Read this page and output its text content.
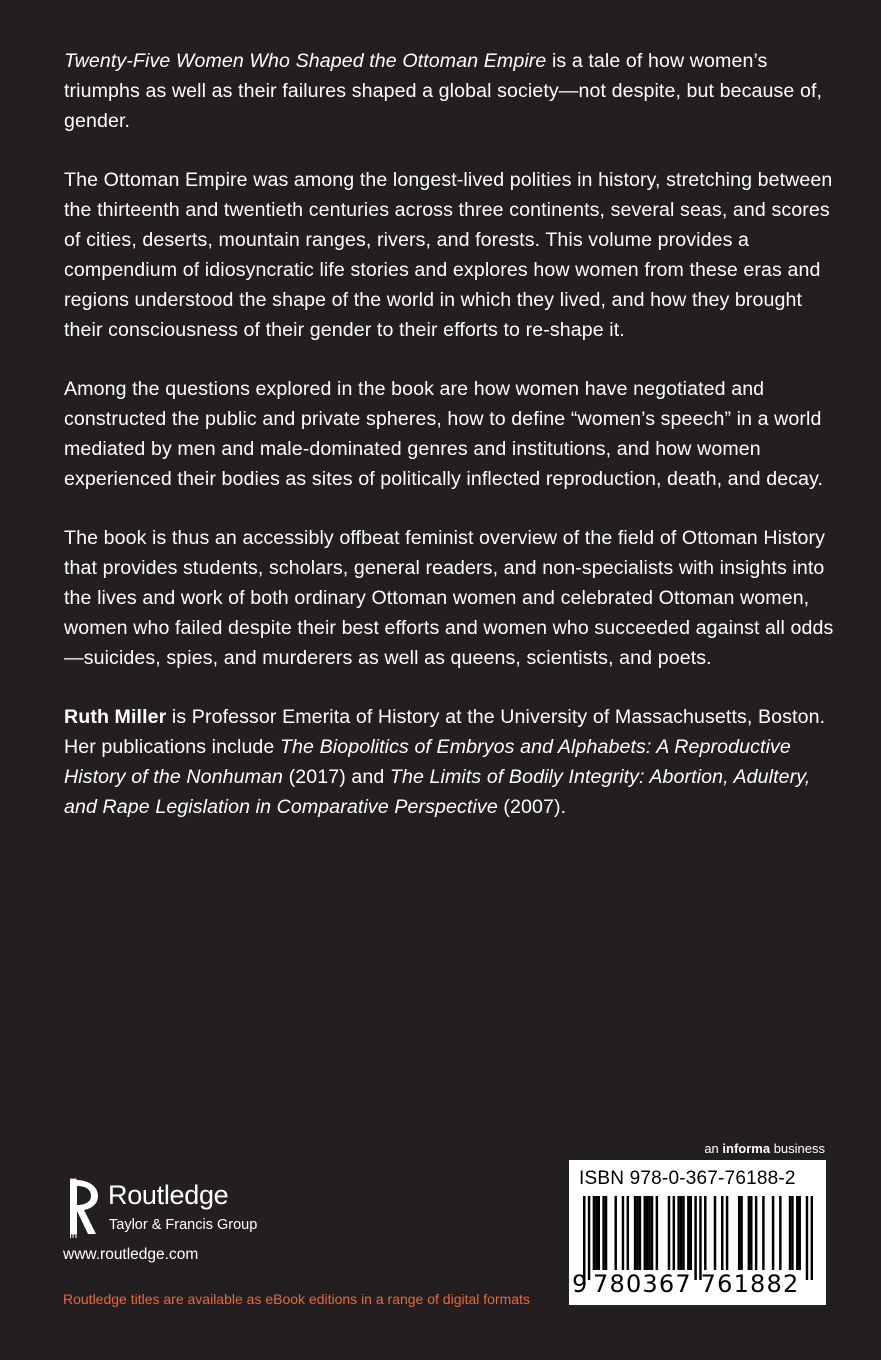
Twenty-Five Women Who Shaped the Ottoman Empire is a tale of how women’s triumphs as well as their failures shaped a global society—not despite, but because of, gender.

The Ottoman Empire was among the longest-lived polities in history, stretching between the thirteenth and twentieth centuries across three continents, several seas, and scores of cities, deserts, mountain ranges, rivers, and forests. This volume provides a compendium of idiosyncratic life stories and explores how women from these eras and regions understood the shape of the world in which they lived, and how they brought their consciousness of their gender to their efforts to re-shape it.

Among the questions explored in the book are how women have negotiated and constructed the public and private spheres, how to define “women’s speech” in a world mediated by men and male-dominated genres and institutions, and how women experienced their bodies as sites of politically inflected reproduction, death, and decay.

The book is thus an accessibly offbeat feminist overview of the field of Ottoman History that provides students, scholars, general readers, and non-specialists with insights into the lives and work of both ordinary Ottoman women and celebrated Ottoman women, women who failed despite their best efforts and women who succeeded against all odds—suicides, spies, and murderers as well as queens, scientists, and poets.

Ruth Miller is Professor Emerita of History at the University of Massachusetts, Boston. Her publications include The Biopolitics of Embryos and Alphabets: A Reproductive History of the Nonhuman (2017) and The Limits of Bodily Integrity: Abortion, Adultery, and Rape Legislation in Comparative Perspective (2007).

ROUTLEDGE Routledge
Taylor & Francis Group
www.routledge.com
Routledge titles are available as eBook editions in a range of digital formats
an informa business
ISBN 978-0-367-76188-2
9 780367 761882
